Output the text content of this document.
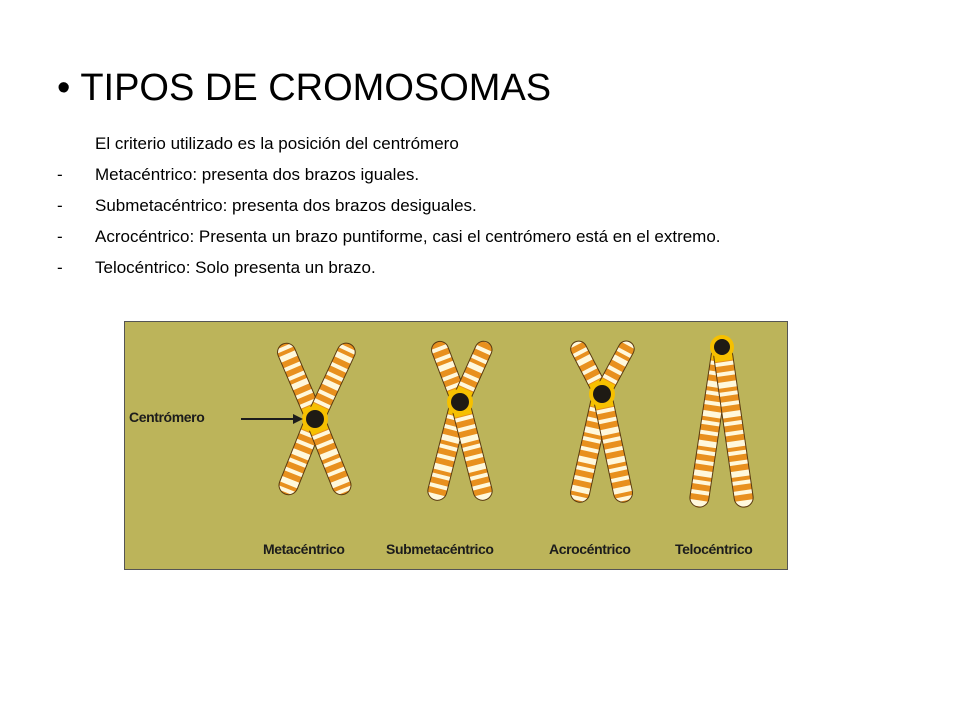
• TIPOS DE CROMOSOMAS

El criterio utilizado es la posición del centrómero

-	Metacéntrico: presenta dos brazos iguales.
-	Submetacéntrico: presenta dos brazos desiguales.
-	Acrocéntrico: Presenta un brazo puntiforme, casi el centrómero está en el extremo.
-	Telocéntrico: Solo presenta un brazo.
Centrómero
Metacéntrico	Submetacéntrico	Acrocéntrico	Telocéntrico
